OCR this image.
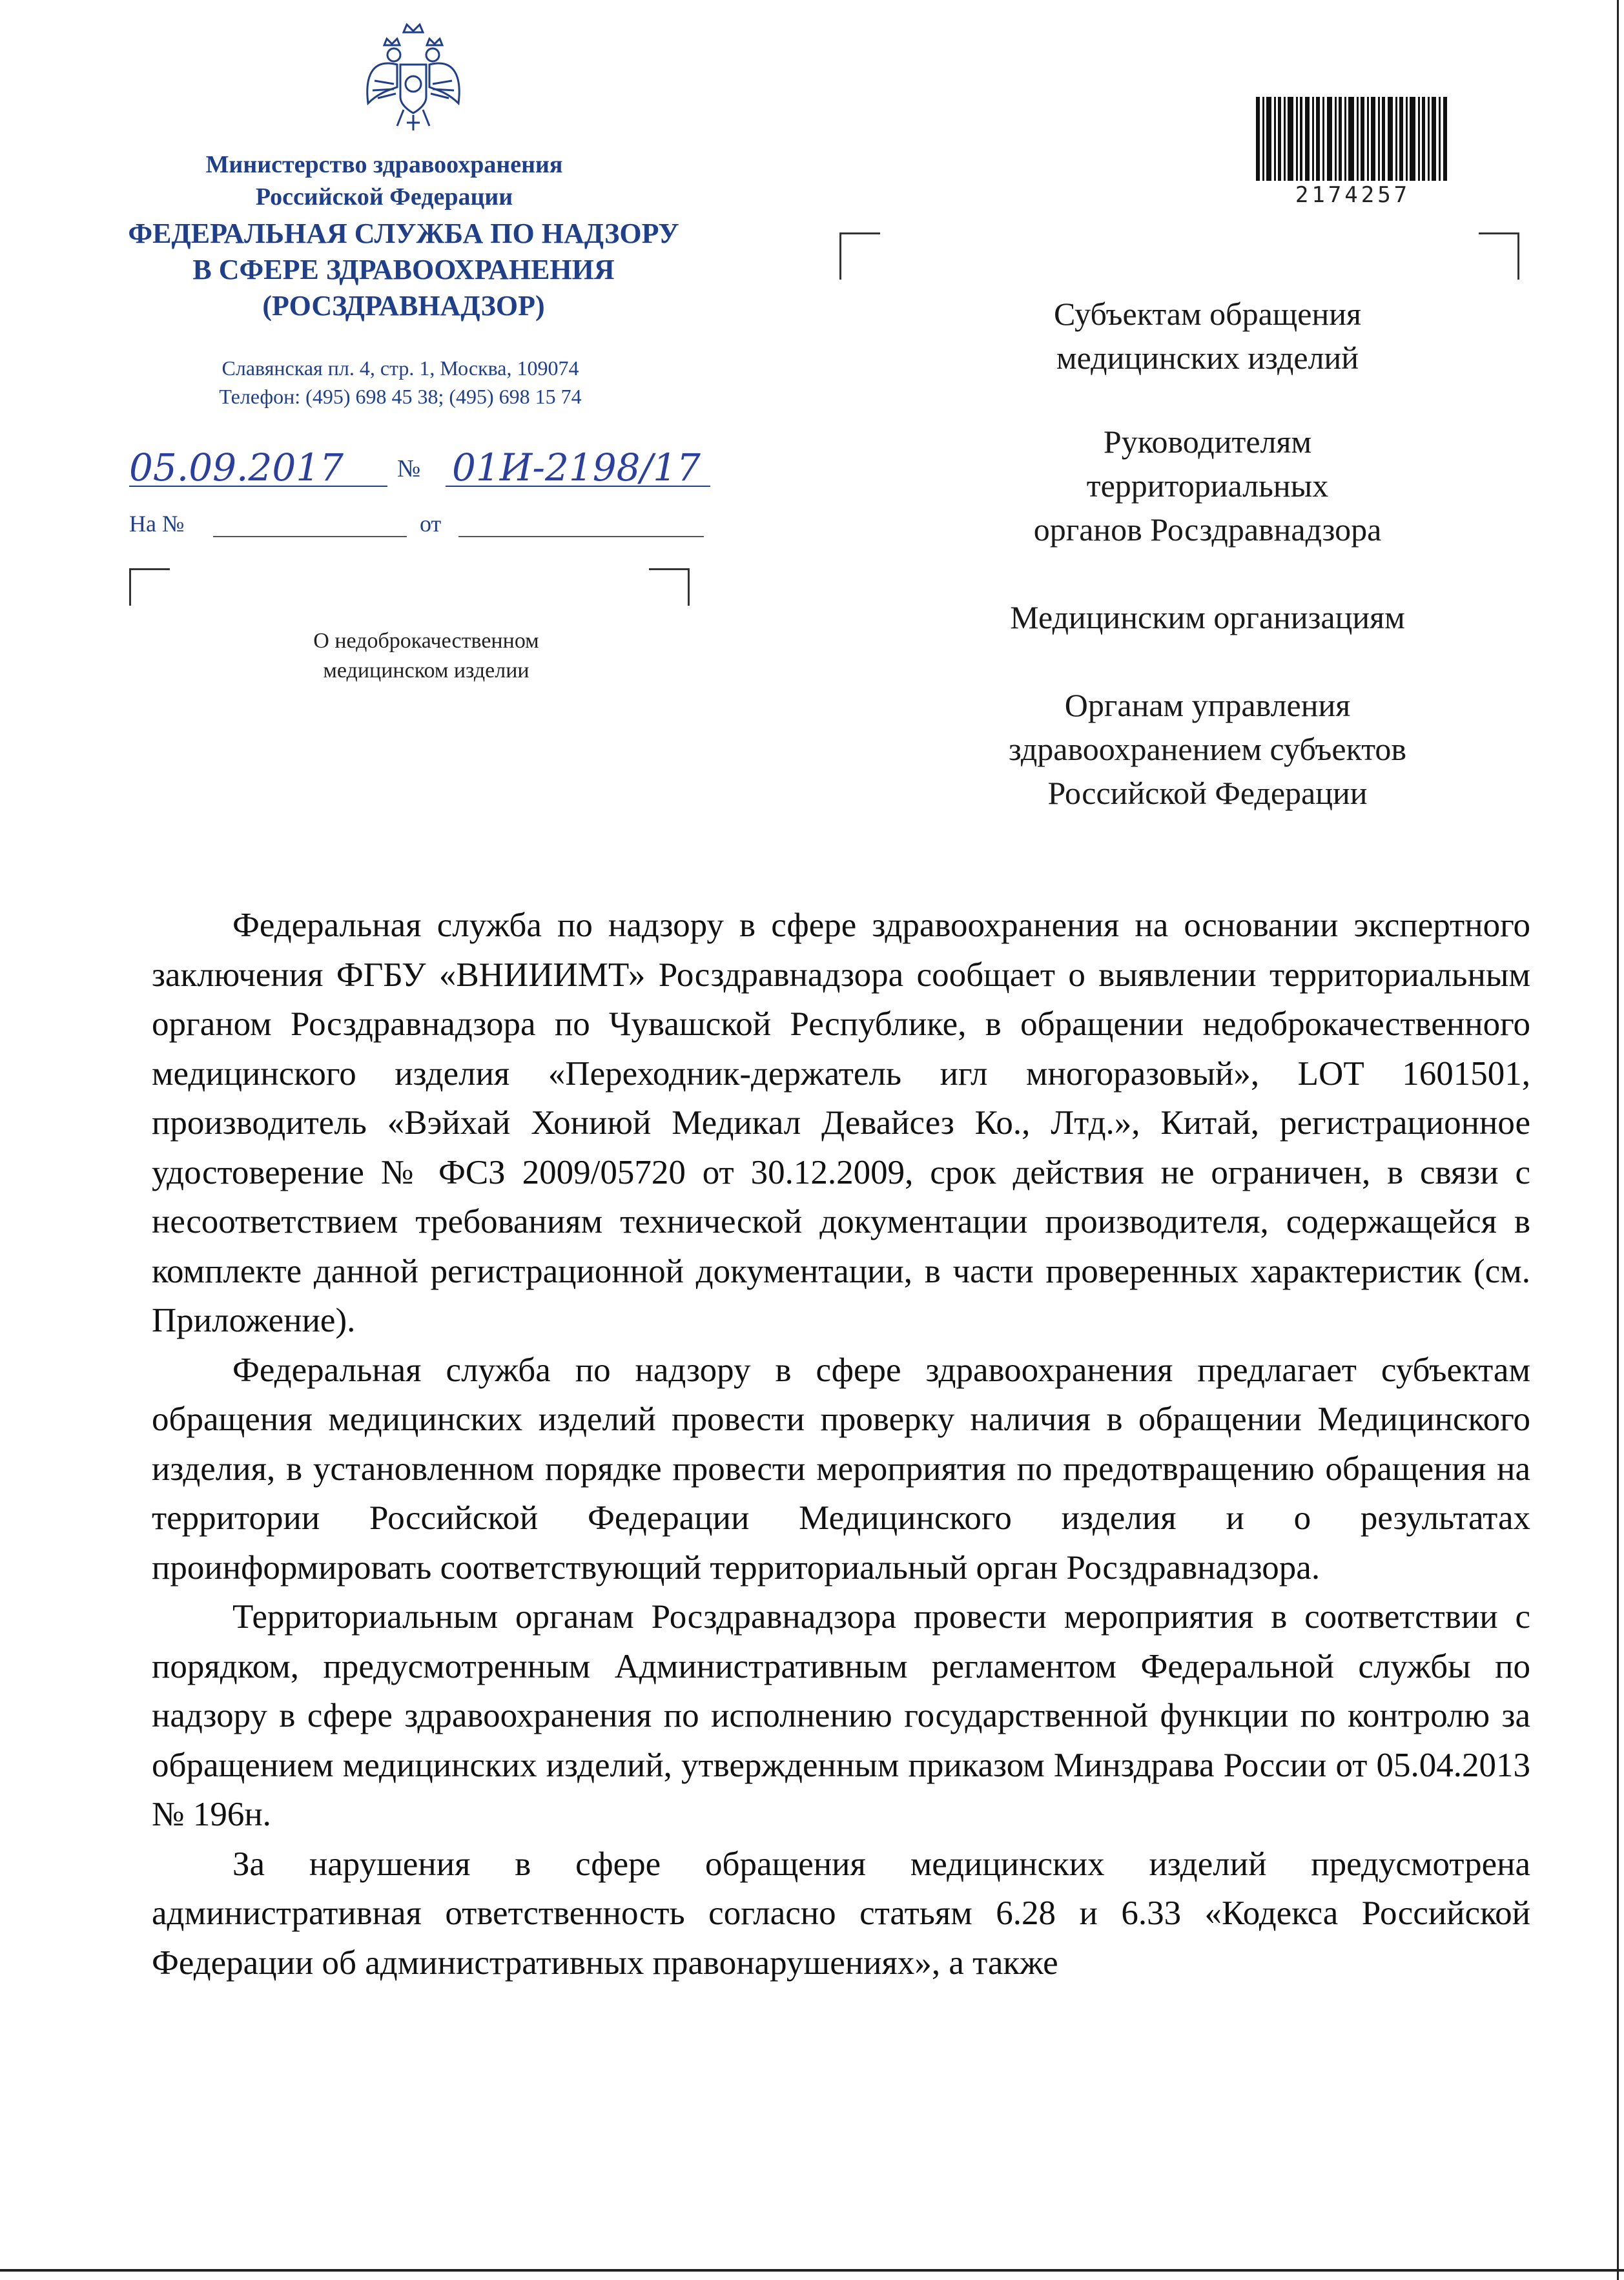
Министерство здравоохранения
Российской Федерации
ФЕДЕРАЛЬНАЯ СЛУЖБА ПО НАДЗОРУ
В СФЕРЕ ЗДРАВООХРАНЕНИЯ
(РОСЗДРАВНАДЗОР)
Славянская пл. 4, стр. 1, Москва, 109074
Телефон: (495) 698 45 38; (495) 698 15 74
05.09.2017 № 01И-2198/17
На №	от
О недоброкачественном
медицинском изделии
2174257
Субъектам обращения
медицинских изделий
Руководителям
территориальных
органов Росздравнадзора
Медицинским организациям
Органам управления
здравоохранением субъектов
Российской Федерации

Федеральная служба по надзору в сфере здравоохранения на основании экспертного заключения ФГБУ «ВНИИИМТ» Росздравнадзора сообщает о выявлении территориальным органом Росздравнадзора по Чувашской Республике, в обращении недоброкачественного медицинского изделия «Переходник-держатель игл многоразовый», LOT 1601501, производитель «Вэйхай Хониюй Медикал Девайсез Ко., Лтд.», Китай, регистрационное удостоверение № ФСЗ 2009/05720 от 30.12.2009, срок действия не ограничен, в связи с несоответствием требованиям технической документации производителя, содержащейся в комплекте данной регистрационной документации, в части проверенных характеристик (см. Приложение).

Федеральная служба по надзору в сфере здравоохранения предлагает субъектам обращения медицинских изделий провести проверку наличия в обращении Медицинского изделия, в установленном порядке провести мероприятия по предотвращению обращения на территории Российской Федерации Медицинского изделия и о результатах проинформировать соответствующий территориальный орган Росздравнадзора.

Территориальным органам Росздравнадзора провести мероприятия в соответствии с порядком, предусмотренным Административным регламентом Федеральной службы по надзору в сфере здравоохранения по исполнению государственной функции по контролю за обращением медицинских изделий, утвержденным приказом Минздрава России от 05.04.2013 № 196н.

За нарушения в сфере обращения медицинских изделий предусмотрена административная ответственность согласно статьям 6.28 и 6.33 «Кодекса Российской Федерации об административных правонарушениях», а также
